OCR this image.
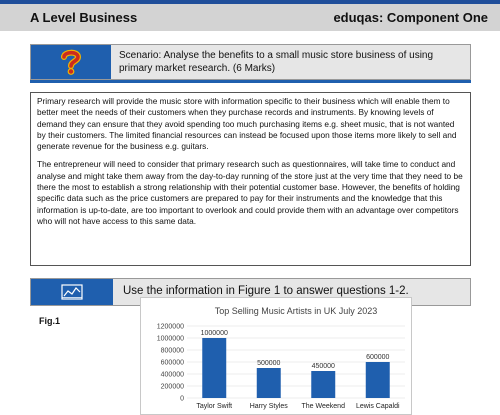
A Level Business	eduqas: Component One
Scenario: Analyse the benefits to a small music store business of using primary market research. (6 Marks)

Primary research will provide the music store with information specific to their business which will enable them to better meet the needs of their customers when they purchase records and instruments. By knowing levels of demand they can ensure that they avoid spending too much purchasing items e.g. sheet music, that is not wanted by their customers. The limited financial resources can instead be focused upon those items more likely to sell and generate revenue for the business e.g. guitars.

The entrepreneur will need to consider that primary research such as questionnaires, will take time to conduct and analyse and might take them away from the day-to-day running of the store just at the very time that they need to be there the most to establish a strong relationship with their potential customer base. However, the benefits of holding specific data such as the price customers are prepared to pay for their instruments and the knowledge that this information is up-to-date, are too important to overlook and could provide them with an advantage over competitors who will not have access to this same data.

Use the information in Figure 1 to answer questions 1-2.
Fig.1
Top Selling Music Artists in UK July 2023
1200000
1000000
800000
600000
400000
200000
0
1000000
Taylor Swift
500000
Harry Styles
450000
The Weekend
600000
Lewis Capaldi
